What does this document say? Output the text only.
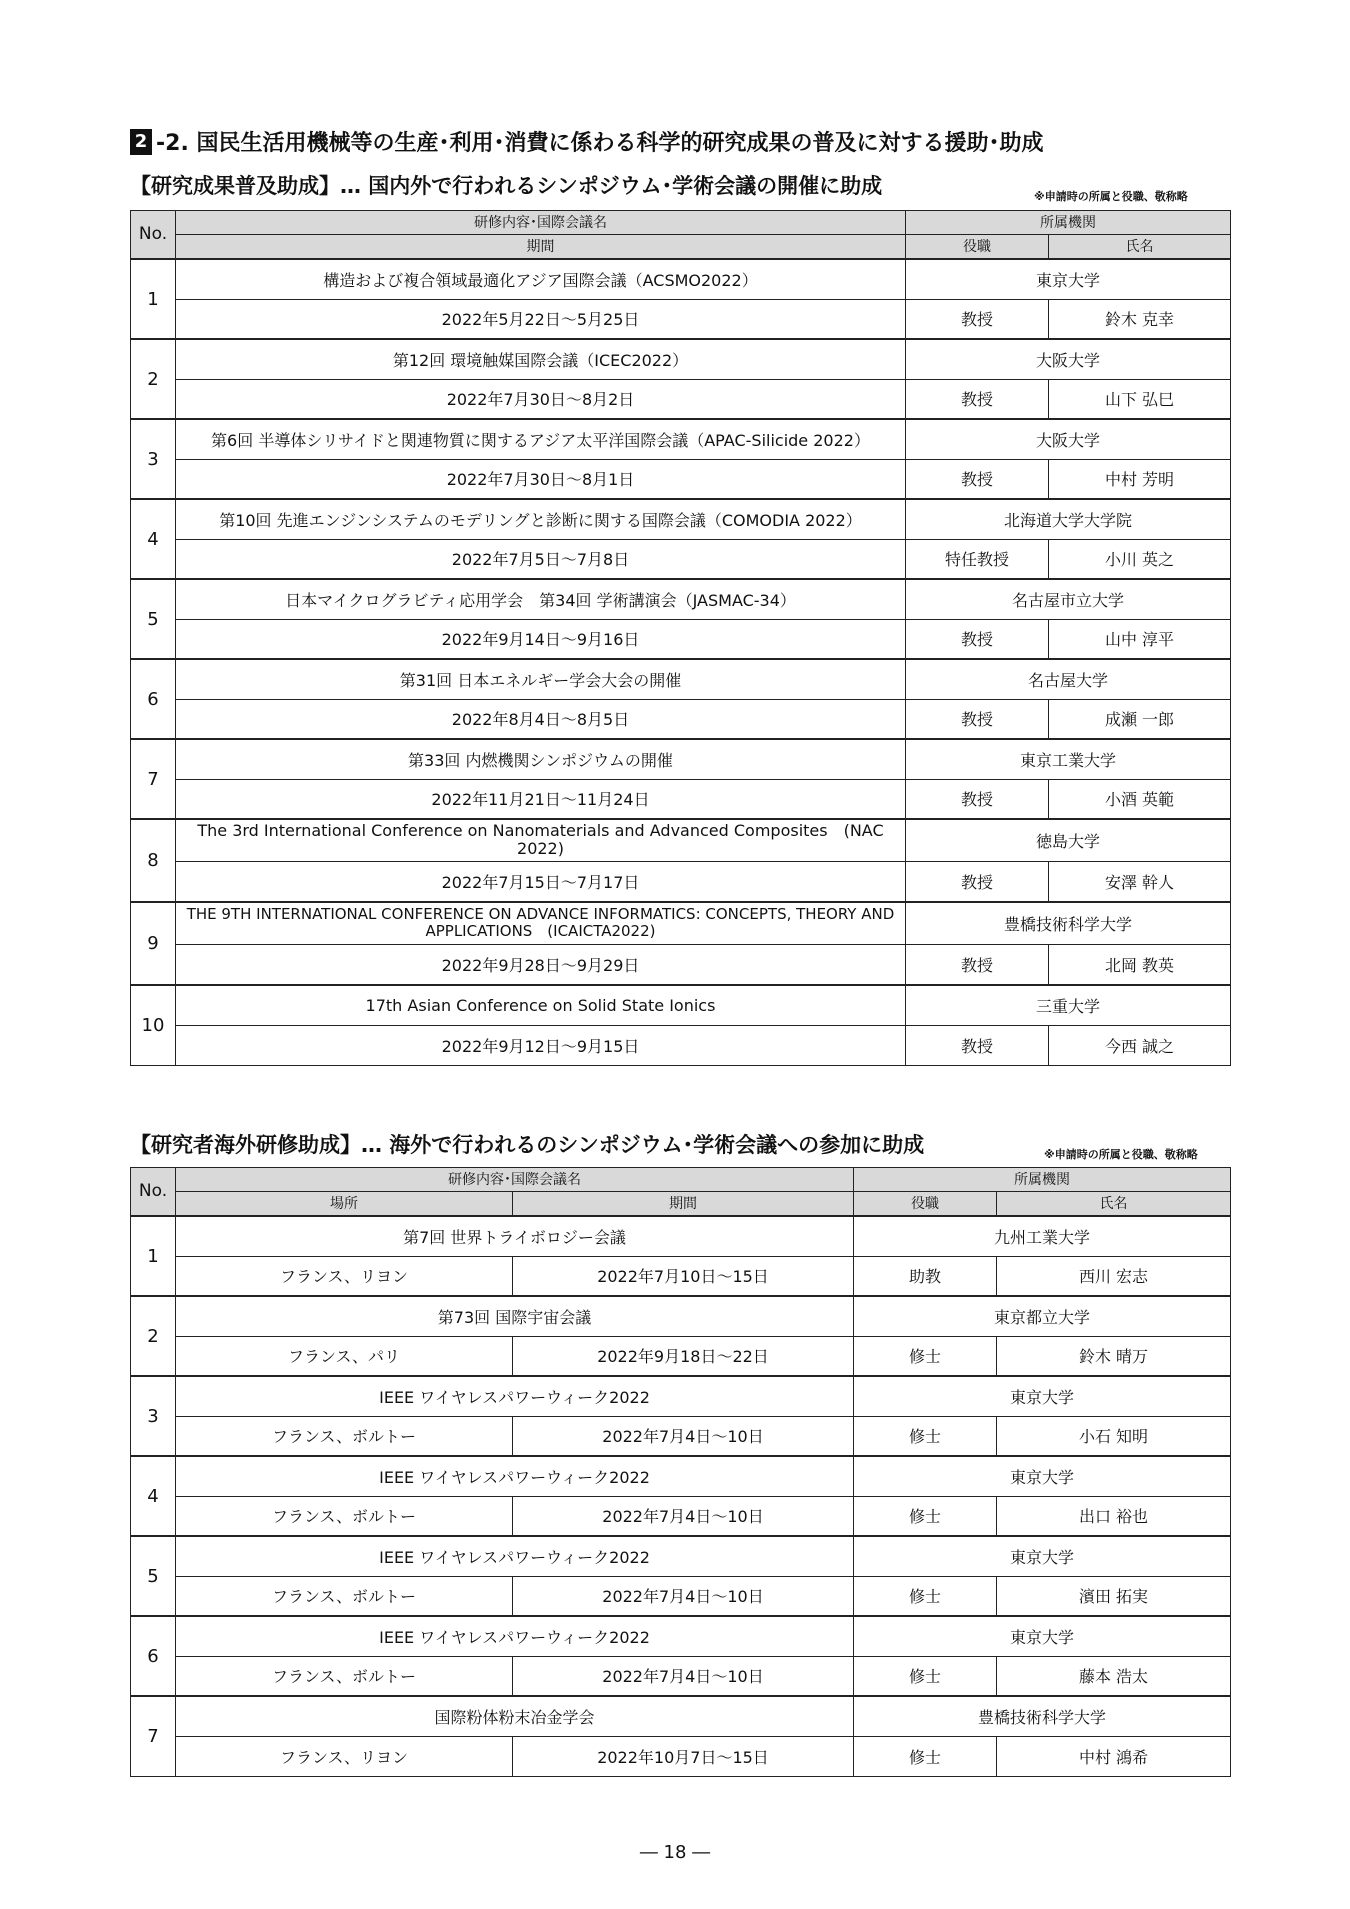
2 -2. 国民生活用機械等の生産･利用･消費に係わる科学的研究成果の普及に対する援助･助成
【研究成果普及助成】… 国内外で行われるシンポジウム･学術会議の開催に助成	※申請時の所属と役職、敬称略
No.	研修内容･国際会議名	所属機関	
	期間	役職	氏名
1	構造および複合領域最適化アジア国際会議（ACSMO2022）	東京大学	
	2022年5月22日～5月25日	教授	鈴木 克幸
2	第12回 環境触媒国際会議（ICEC2022）	大阪大学	
	2022年7月30日～8月2日	教授	山下 弘巳
3	第6回 半導体シリサイドと関連物質に関するアジア太平洋国際会議（APAC-Silicide 2022）	大阪大学	
	2022年7月30日～8月1日	教授	中村 芳明
4	第10回 先進エンジンシステムのモデリングと診断に関する国際会議（COMODIA 2022）	北海道大学大学院	
	2022年7月5日～7月8日	特任教授	小川 英之
5	日本マイクログラビティ応用学会　第34回 学術講演会（JASMAC-34）	名古屋市立大学	
	2022年9月14日～9月16日	教授	山中 淳平
6	第31回 日本エネルギー学会大会の開催	名古屋大学	
	2022年8月4日～8月5日	教授	成瀬 一郎
7	第33回 内燃機関シンポジウムの開催	東京工業大学	
	2022年11月21日～11月24日	教授	小酒 英範
8	The 3rd International Conference on Nanomaterials and Advanced Composites　(NAC 2022)	徳島大学	
	2022年7月15日～7月17日	教授	安澤 幹人
9	THE 9TH INTERNATIONAL CONFERENCE ON ADVANCE INFORMATICS: CONCEPTS, THEORY AND APPLICATIONS　(ICAICTA2022)	豊橋技術科学大学	
	2022年9月28日～9月29日	教授	北岡 教英
10	17th Asian Conference on Solid State Ionics	三重大学	
	2022年9月12日～9月15日	教授	今西 誠之
【研究者海外研修助成】… 海外で行われるのシンポジウム･学術会議への参加に助成	※申請時の所属と役職、敬称略
No.	研修内容･国際会議名		所属機関	
	場所	期間	役職	氏名
1	第7回 世界トライボロジー会議		九州工業大学	
	フランス、リヨン	2022年7月10日～15日	助教	西川 宏志
2	第73回 国際宇宙会議		東京都立大学	
	フランス、パリ	2022年9月18日～22日	修士	鈴木 晴万
3	IEEE ワイヤレスパワーウィーク2022		東京大学	
	フランス、ボルトー	2022年7月4日～10日	修士	小石 知明
4	IEEE ワイヤレスパワーウィーク2022		東京大学	
	フランス、ボルトー	2022年7月4日～10日	修士	出口 裕也
5	IEEE ワイヤレスパワーウィーク2022		東京大学	
	フランス、ボルトー	2022年7月4日～10日	修士	濱田 拓実
6	IEEE ワイヤレスパワーウィーク2022		東京大学	
	フランス、ボルトー	2022年7月4日～10日	修士	藤本 浩太
7	国際粉体粉末冶金学会		豊橋技術科学大学	
	フランス、リヨン	2022年10月7日～15日	修士	中村 鴻希
― 18 ―
